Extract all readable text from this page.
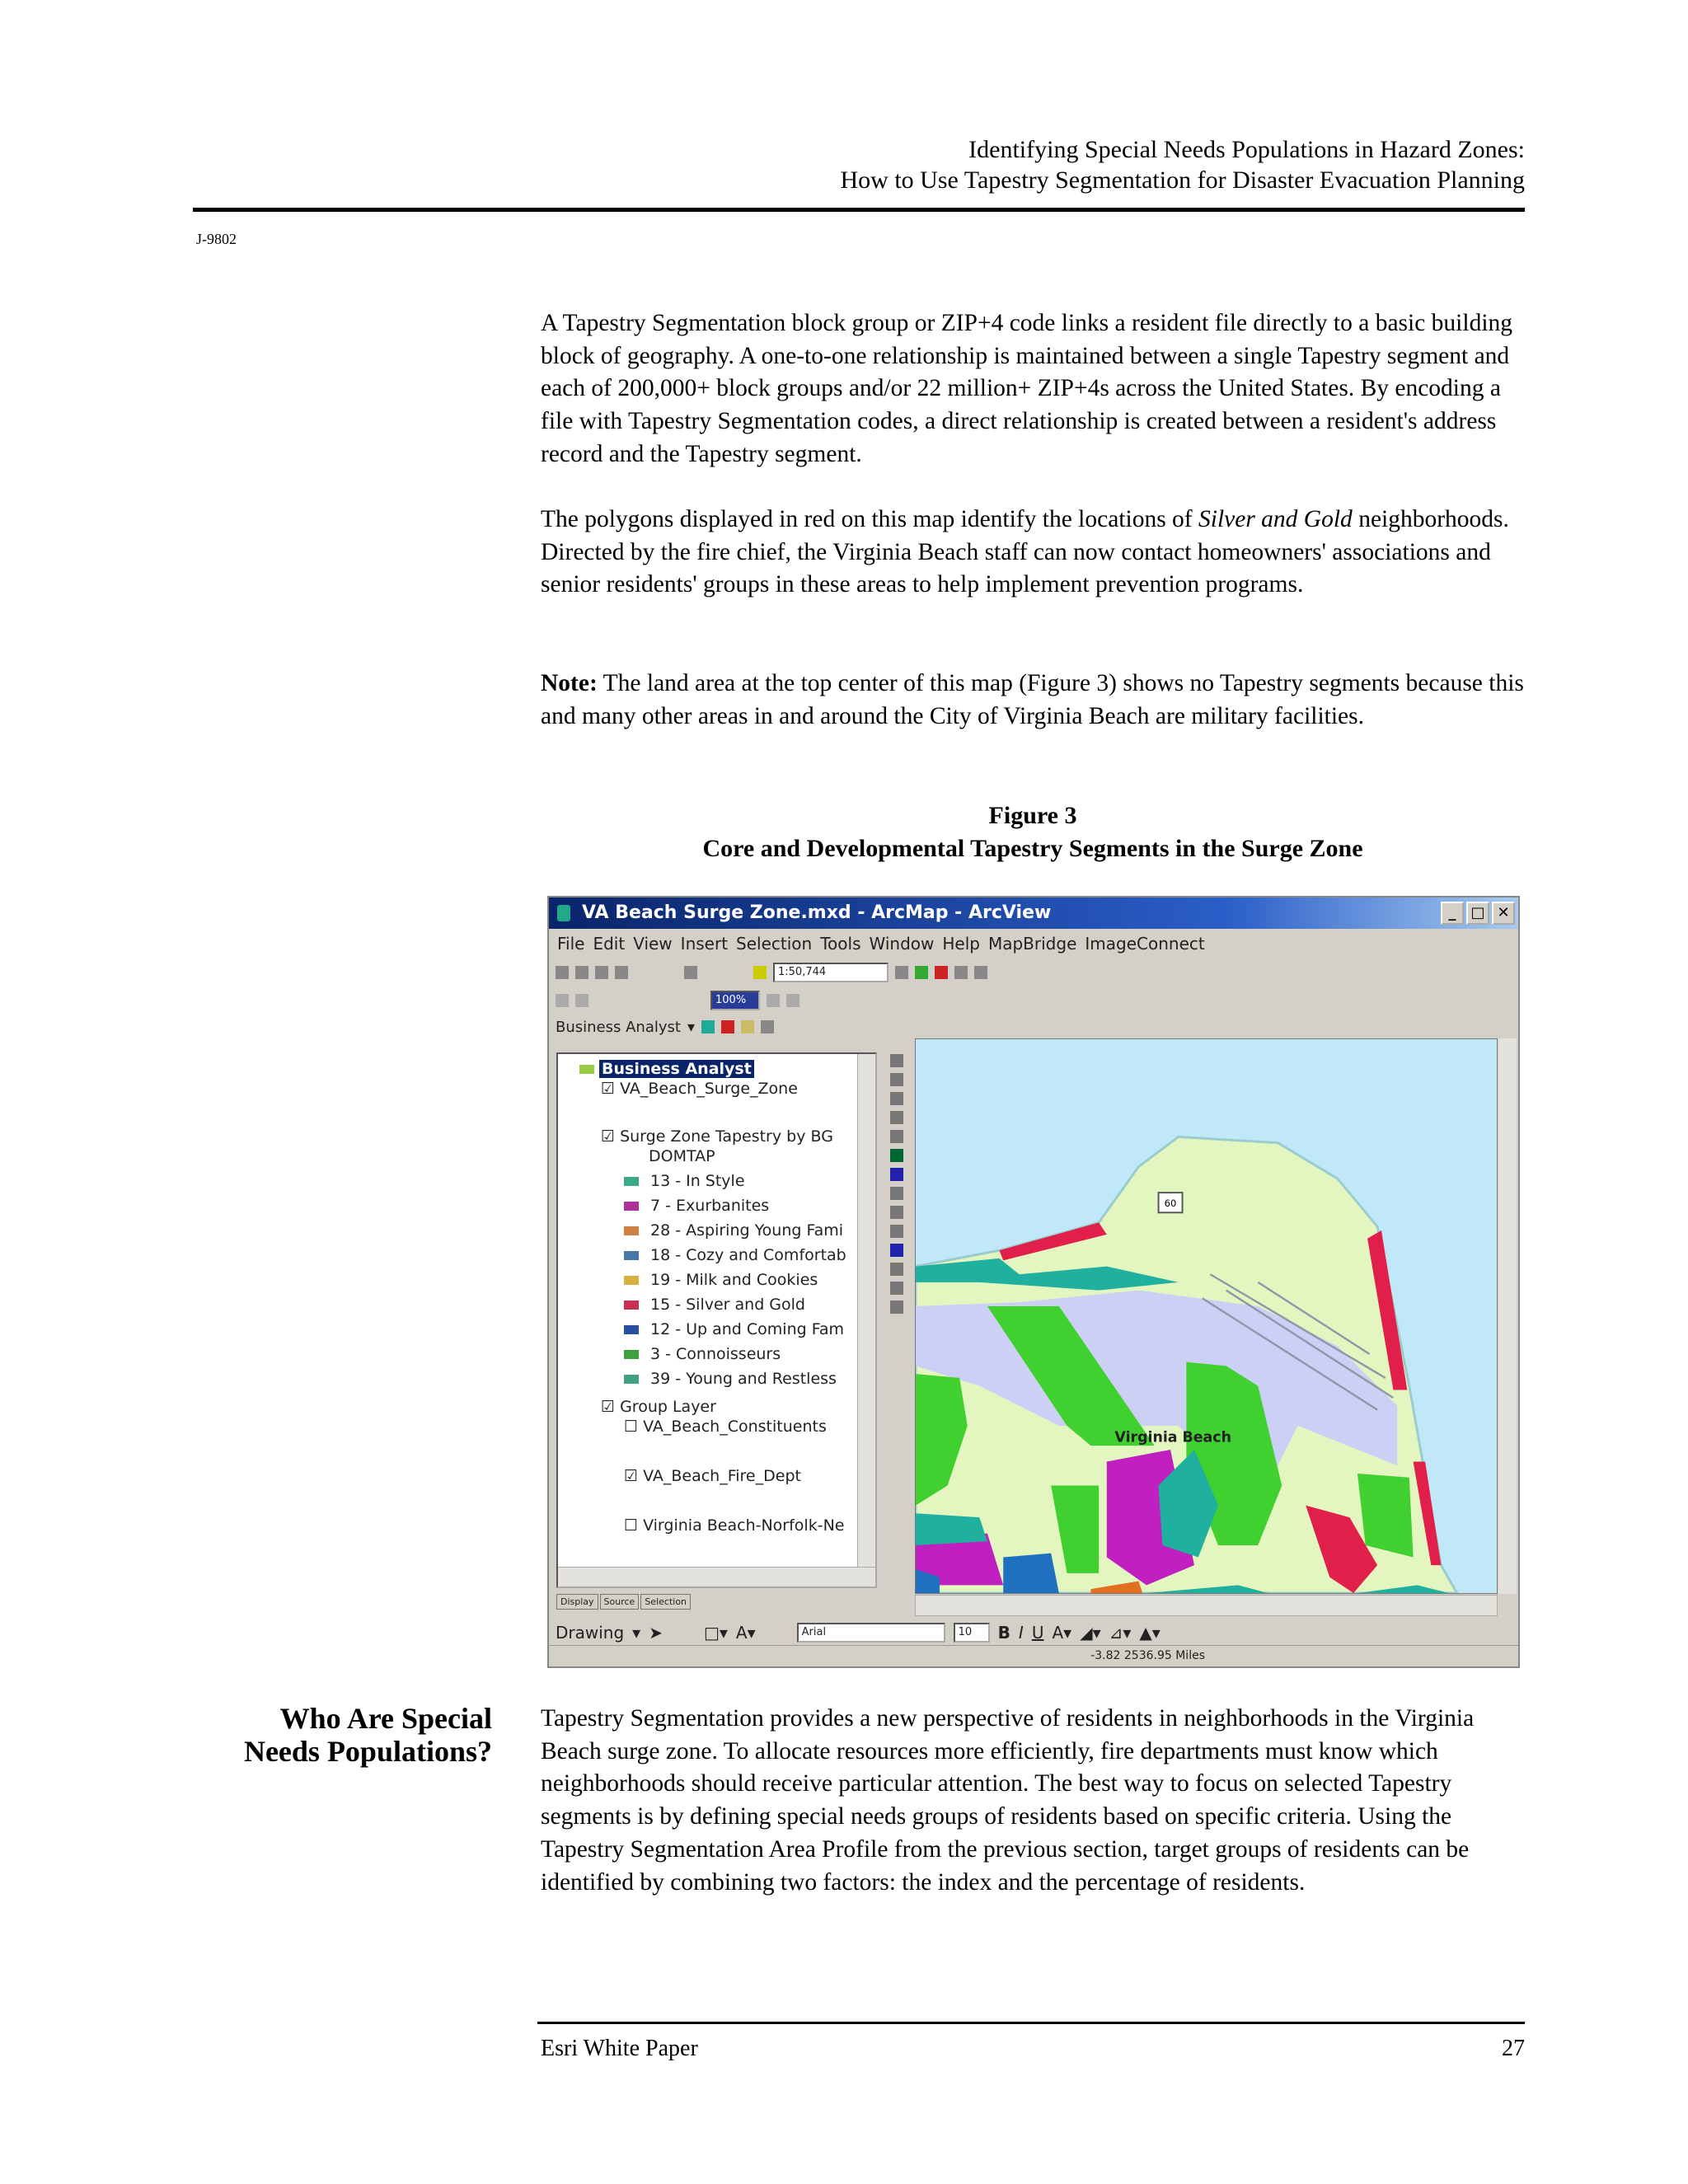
Identifying Special Needs Populations in Hazard Zones:
How to Use Tapestry Segmentation for Disaster Evacuation Planning
J-9802

A Tapestry Segmentation block group or ZIP+4 code links a resident file directly to a basic building block of geography. A one-to-one relationship is maintained between a single Tapestry segment and each of 200,000+ block groups and/or 22 million+ ZIP+4s across the United States. By encoding a file with Tapestry Segmentation codes, a direct relationship is created between a resident's address record and the Tapestry segment.

The polygons displayed in red on this map identify the locations of Silver and Gold neighborhoods. Directed by the fire chief, the Virginia Beach staff can now contact homeowners' associations and senior residents' groups in these areas to help implement prevention programs.

Note: The land area at the top center of this map (Figure 3) shows no Tapestry segments because this and many other areas in and around the City of Virginia Beach are military facilities.

Figure 3
Core and Developmental Tapestry Segments in the Surge Zone
VA Beach Surge Zone.mxd - ArcMap - ArcView	_ □ ✕
File Edit View Insert Selection Tools Window Help MapBridge ImageConnect
1:50,744
100%
Business Analyst ▾
Business Analyst
☑ VA_Beach_Surge_Zone
☑ Surge Zone Tapestry by BG
DOMTAP
13 - In Style
7 - Exurbanites
28 - Aspiring Young Fami
18 - Cozy and Comfortab
19 - Milk and Cookies
15 - Silver and Gold
12 - Up and Coming Fam
3 - Connoisseurs
39 - Young and Restless
☑ Group Layer
☐ VA_Beach_Constituents
☑ VA_Beach_Fire_Dept
☐ Virginia Beach-Norfolk-Ne
60
Virginia Beach
Display	Source	Selection
Drawing ▾ ➤	□▾ A▾	Arial	10	B I U A▾ ◢▾ ⊿▾ ▲▾
-3.82 2536.95 Miles
Who Are Special
Needs Populations?

Tapestry Segmentation provides a new perspective of residents in neighborhoods in the Virginia Beach surge zone. To allocate resources more efficiently, fire departments must know which neighborhoods should receive particular attention. The best way to focus on selected Tapestry segments is by defining special needs groups of residents based on specific criteria. Using the Tapestry Segmentation Area Profile from the previous section, target groups of residents can be identified by combining two factors: the index and the percentage of residents.

Esri White Paper	27
